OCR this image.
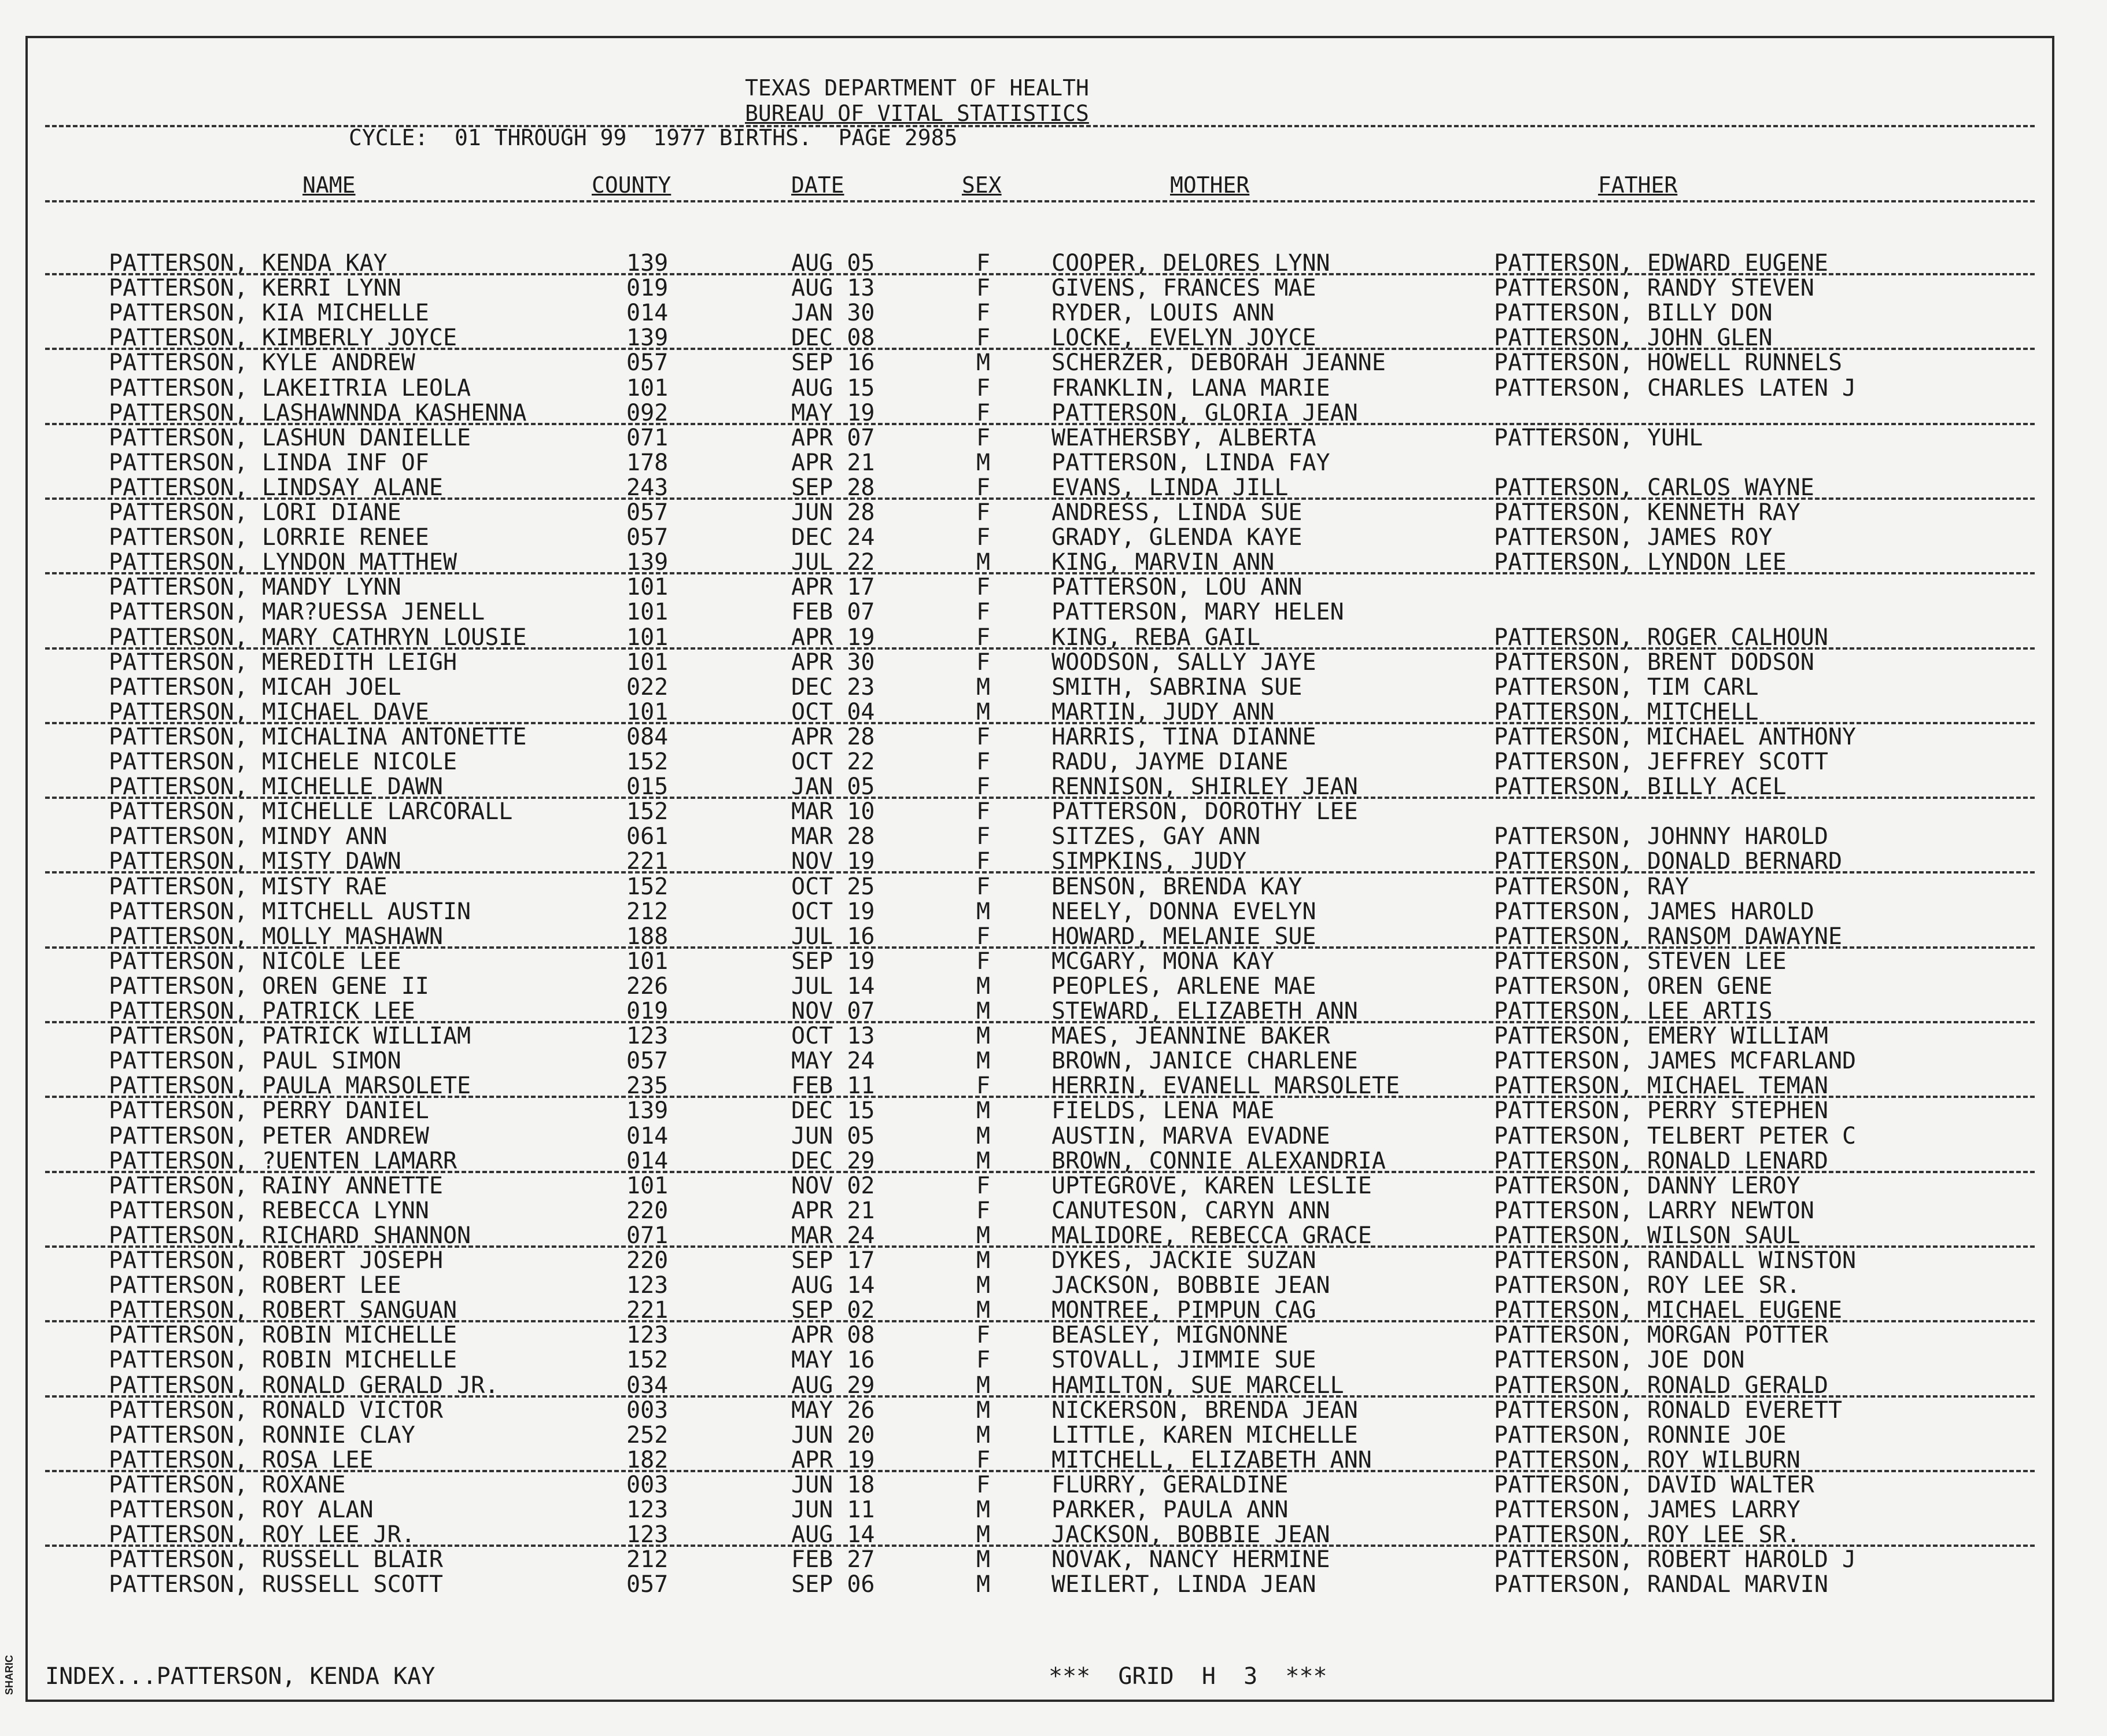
SHARIC
TEXAS DEPARTMENT OF HEALTH
BUREAU OF VITAL STATISTICS
CYCLE:  01 THROUGH 99  1977 BIRTHS.  PAGE 2985
NAME	COUNTY	DATE	SEX	MOTHER	FATHER
PATTERSON, KENDA KAY	139	AUG 05	F	COOPER, DELORES LYNN	PATTERSON, EDWARD EUGENE
PATTERSON, KERRI LYNN	019	AUG 13	F	GIVENS, FRANCES MAE	PATTERSON, RANDY STEVEN
PATTERSON, KIA MICHELLE	014	JAN 30	F	RYDER, LOUIS ANN	PATTERSON, BILLY DON
PATTERSON, KIMBERLY JOYCE	139	DEC 08	F	LOCKE, EVELYN JOYCE	PATTERSON, JOHN GLEN
PATTERSON, KYLE ANDREW	057	SEP 16	M	SCHERZER, DEBORAH JEANNE	PATTERSON, HOWELL RUNNELS
PATTERSON, LAKEITRIA LEOLA	101	AUG 15	F	FRANKLIN, LANA MARIE	PATTERSON, CHARLES LATEN J
PATTERSON, LASHAWNNDA KASHENNA	092	MAY 19	F	PATTERSON, GLORIA JEAN
PATTERSON, LASHUN DANIELLE	071	APR 07	F	WEATHERSBY, ALBERTA	PATTERSON, YUHL
PATTERSON, LINDA INF OF	178	APR 21	M	PATTERSON, LINDA FAY
PATTERSON, LINDSAY ALANE	243	SEP 28	F	EVANS, LINDA JILL	PATTERSON, CARLOS WAYNE
PATTERSON, LORI DIANE	057	JUN 28	F	ANDRESS, LINDA SUE	PATTERSON, KENNETH RAY
PATTERSON, LORRIE RENEE	057	DEC 24	F	GRADY, GLENDA KAYE	PATTERSON, JAMES ROY
PATTERSON, LYNDON MATTHEW	139	JUL 22	M	KING, MARVIN ANN	PATTERSON, LYNDON LEE
PATTERSON, MANDY LYNN	101	APR 17	F	PATTERSON, LOU ANN
PATTERSON, MAR?UESSA JENELL	101	FEB 07	F	PATTERSON, MARY HELEN
PATTERSON, MARY CATHRYN LOUSIE	101	APR 19	F	KING, REBA GAIL	PATTERSON, ROGER CALHOUN
PATTERSON, MEREDITH LEIGH	101	APR 30	F	WOODSON, SALLY JAYE	PATTERSON, BRENT DODSON
PATTERSON, MICAH JOEL	022	DEC 23	M	SMITH, SABRINA SUE	PATTERSON, TIM CARL
PATTERSON, MICHAEL DAVE	101	OCT 04	M	MARTIN, JUDY ANN	PATTERSON, MITCHELL
PATTERSON, MICHALINA ANTONETTE	084	APR 28	F	HARRIS, TINA DIANNE	PATTERSON, MICHAEL ANTHONY
PATTERSON, MICHELE NICOLE	152	OCT 22	F	RADU, JAYME DIANE	PATTERSON, JEFFREY SCOTT
PATTERSON, MICHELLE DAWN	015	JAN 05	F	RENNISON, SHIRLEY JEAN	PATTERSON, BILLY ACEL
PATTERSON, MICHELLE LARCORALL	152	MAR 10	F	PATTERSON, DOROTHY LEE
PATTERSON, MINDY ANN	061	MAR 28	F	SITZES, GAY ANN	PATTERSON, JOHNNY HAROLD
PATTERSON, MISTY DAWN	221	NOV 19	F	SIMPKINS, JUDY	PATTERSON, DONALD BERNARD
PATTERSON, MISTY RAE	152	OCT 25	F	BENSON, BRENDA KAY	PATTERSON, RAY
PATTERSON, MITCHELL AUSTIN	212	OCT 19	M	NEELY, DONNA EVELYN	PATTERSON, JAMES HAROLD
PATTERSON, MOLLY MASHAWN	188	JUL 16	F	HOWARD, MELANIE SUE	PATTERSON, RANSOM DAWAYNE
PATTERSON, NICOLE LEE	101	SEP 19	F	MCGARY, MONA KAY	PATTERSON, STEVEN LEE
PATTERSON, OREN GENE II	226	JUL 14	M	PEOPLES, ARLENE MAE	PATTERSON, OREN GENE
PATTERSON, PATRICK LEE	019	NOV 07	M	STEWARD, ELIZABETH ANN	PATTERSON, LEE ARTIS
PATTERSON, PATRICK WILLIAM	123	OCT 13	M	MAES, JEANNINE BAKER	PATTERSON, EMERY WILLIAM
PATTERSON, PAUL SIMON	057	MAY 24	M	BROWN, JANICE CHARLENE	PATTERSON, JAMES MCFARLAND
PATTERSON, PAULA MARSOLETE	235	FEB 11	F	HERRIN, EVANELL MARSOLETE	PATTERSON, MICHAEL TEMAN
PATTERSON, PERRY DANIEL	139	DEC 15	M	FIELDS, LENA MAE	PATTERSON, PERRY STEPHEN
PATTERSON, PETER ANDREW	014	JUN 05	M	AUSTIN, MARVA EVADNE	PATTERSON, TELBERT PETER C
PATTERSON, ?UENTEN LAMARR	014	DEC 29	M	BROWN, CONNIE ALEXANDRIA	PATTERSON, RONALD LENARD
PATTERSON, RAINY ANNETTE	101	NOV 02	F	UPTEGROVE, KAREN LESLIE	PATTERSON, DANNY LEROY
PATTERSON, REBECCA LYNN	220	APR 21	F	CANUTESON, CARYN ANN	PATTERSON, LARRY NEWTON
PATTERSON, RICHARD SHANNON	071	MAR 24	M	MALIDORE, REBECCA GRACE	PATTERSON, WILSON SAUL
PATTERSON, ROBERT JOSEPH	220	SEP 17	M	DYKES, JACKIE SUZAN	PATTERSON, RANDALL WINSTON
PATTERSON, ROBERT LEE	123	AUG 14	M	JACKSON, BOBBIE JEAN	PATTERSON, ROY LEE SR.
PATTERSON, ROBERT SANGUAN	221	SEP 02	M	MONTREE, PIMPUN CAG	PATTERSON, MICHAEL EUGENE
PATTERSON, ROBIN MICHELLE	123	APR 08	F	BEASLEY, MIGNONNE	PATTERSON, MORGAN POTTER
PATTERSON, ROBIN MICHELLE	152	MAY 16	F	STOVALL, JIMMIE SUE	PATTERSON, JOE DON
PATTERSON, RONALD GERALD JR.	034	AUG 29	M	HAMILTON, SUE MARCELL	PATTERSON, RONALD GERALD
PATTERSON, RONALD VICTOR	003	MAY 26	M	NICKERSON, BRENDA JEAN	PATTERSON, RONALD EVERETT
PATTERSON, RONNIE CLAY	252	JUN 20	M	LITTLE, KAREN MICHELLE	PATTERSON, RONNIE JOE
PATTERSON, ROSA LEE	182	APR 19	F	MITCHELL, ELIZABETH ANN	PATTERSON, ROY WILBURN
PATTERSON, ROXANE	003	JUN 18	F	FLURRY, GERALDINE	PATTERSON, DAVID WALTER
PATTERSON, ROY ALAN	123	JUN 11	M	PARKER, PAULA ANN	PATTERSON, JAMES LARRY
PATTERSON, ROY LEE JR.	123	AUG 14	M	JACKSON, BOBBIE JEAN	PATTERSON, ROY LEE SR.
PATTERSON, RUSSELL BLAIR	212	FEB 27	M	NOVAK, NANCY HERMINE	PATTERSON, ROBERT HAROLD J
PATTERSON, RUSSELL SCOTT	057	SEP 06	M	WEILERT, LINDA JEAN	PATTERSON, RANDAL MARVIN
INDEX...PATTERSON, KENDA KAY	***  GRID  H  3  ***
